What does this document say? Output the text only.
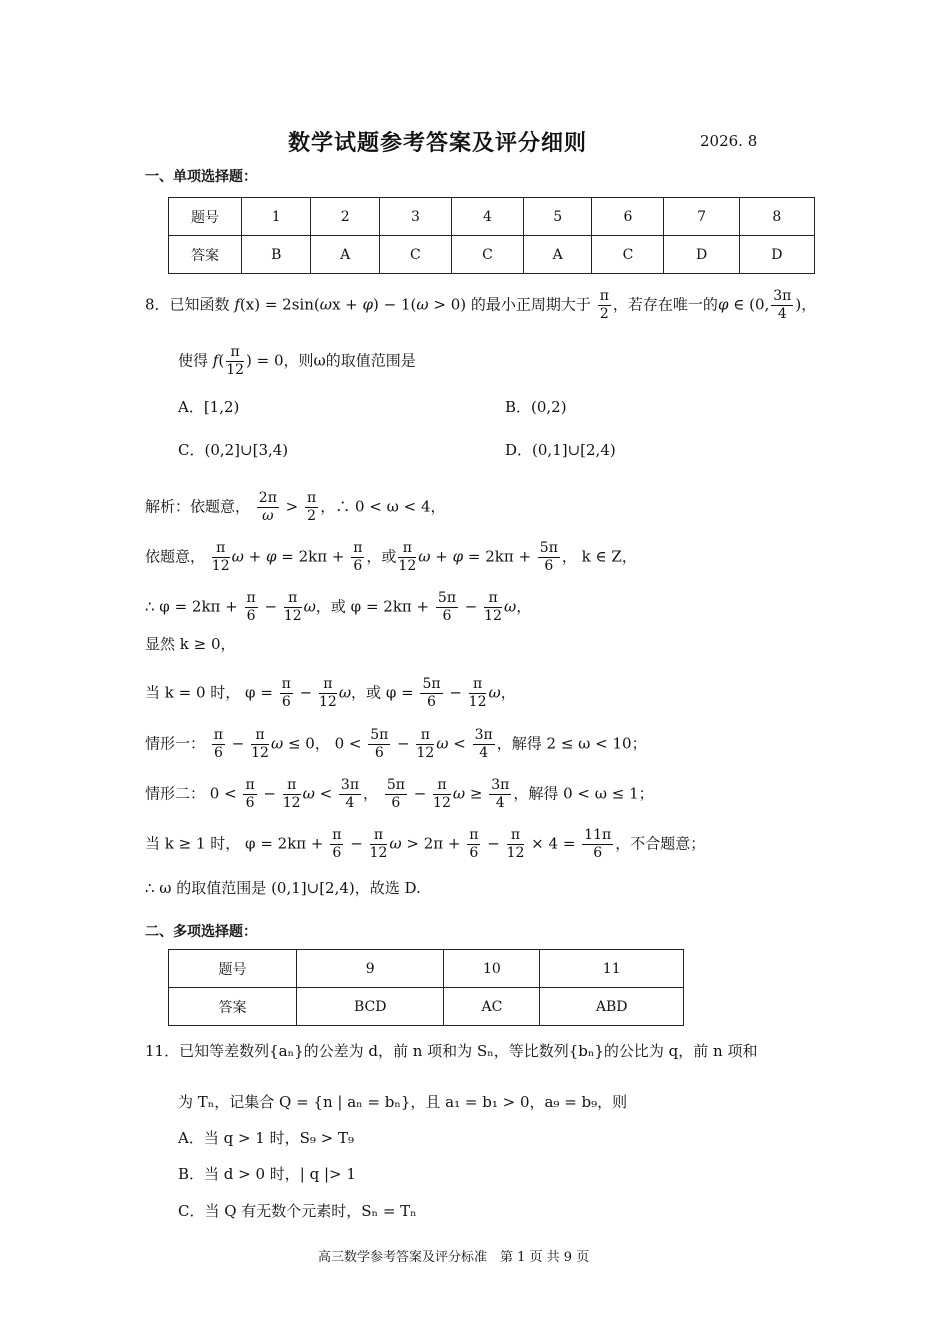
数学试题参考答案及评分细则	2026. 8
一、单项选择题：
题号	1	2	3	4	5	6	7	8
答案	B	A	C	C	A	C	D	D
8．已知函数 f(x) = 2sin(ωx + φ) − 1(ω > 0) 的最小正周期大于 $\frac{\pi}{2}$ ，若存在唯一的φ ∈ (0, $\frac{3\pi}{4}$ )，
使得 $f( \frac{\pi}{12}$ ) = 0，则ω的取值范围是
A．[1,2)	B．(0,2)
C．(0,2]∪[3,4)	D．(0,1]∪[2,4)
解析：依题意， $\frac{2\pi}{\omega} > \frac{\pi}{2}$ ，∴ 0 < ω < 4，
依题意， $\frac{\pi}{12}$ $\omega + \varphi = 2k\pi + \frac{\pi}{6}$ ，或 $\frac{\pi}{12}$ $\omega + \varphi = 2k\pi + \frac{5\pi}{6}$ ， k ∈ Z，
∴ $\varphi = 2k\pi + \frac{\pi}{6} - \frac{\pi}{12}$ ω，或 $\varphi = 2k\pi + \frac{5\pi}{6} - \frac{\pi}{12}$ ω，
显然 k ≥ 0，
当 k = 0 时， $\varphi = \frac{\pi}{6} - \frac{\pi}{12}$ ω，或 $\varphi = \frac{5\pi}{6} - \frac{\pi}{12}$ ω，
情形一： $\frac{\pi}{6} - \frac{\pi}{12}$ ω ≤ 0， $0 < \frac{5\pi}{6} - \frac{\pi}{12}$ $\omega < \frac{3\pi}{4}$ ，解得 2 ≤ ω < 10；
情形二： $0 < \frac{\pi}{6} - \frac{\pi}{12}$ $\omega < \frac{3\pi}{4}$ ， $\frac{5\pi}{6} - \frac{\pi}{12}$ $\omega \ge \frac{3\pi}{4}$ ，解得 0 < ω ≤ 1；
当 k ≥ 1 时， $\varphi = 2k\pi + \frac{\pi}{6} - \frac{\pi}{12}$ $\omega > 2\pi + \frac{\pi}{6} - \frac{\pi}{12} \times 4 = \frac{11\pi}{6}$ ，不合题意；
∴ ω 的取值范围是 (0,1]∪[2,4)，故选 D.
二、多项选择题：
题号	9	10	11
答案	BCD	AC	ABD
11．已知等差数列{aₙ}的公差为 d，前 n 项和为 Sₙ，等比数列{bₙ}的公比为 q，前 n 项和
为 Tₙ，记集合 Q = {n | aₙ = bₙ}，且 a₁ = b₁ > 0，a₉ = b₉，则
A．当 q > 1 时，S₉ > T₉
B．当 d > 0 时，| q |> 1
C．当 Q 有无数个元素时，Sₙ = Tₙ
高三数学参考答案及评分标准　第 1 页 共 9 页
